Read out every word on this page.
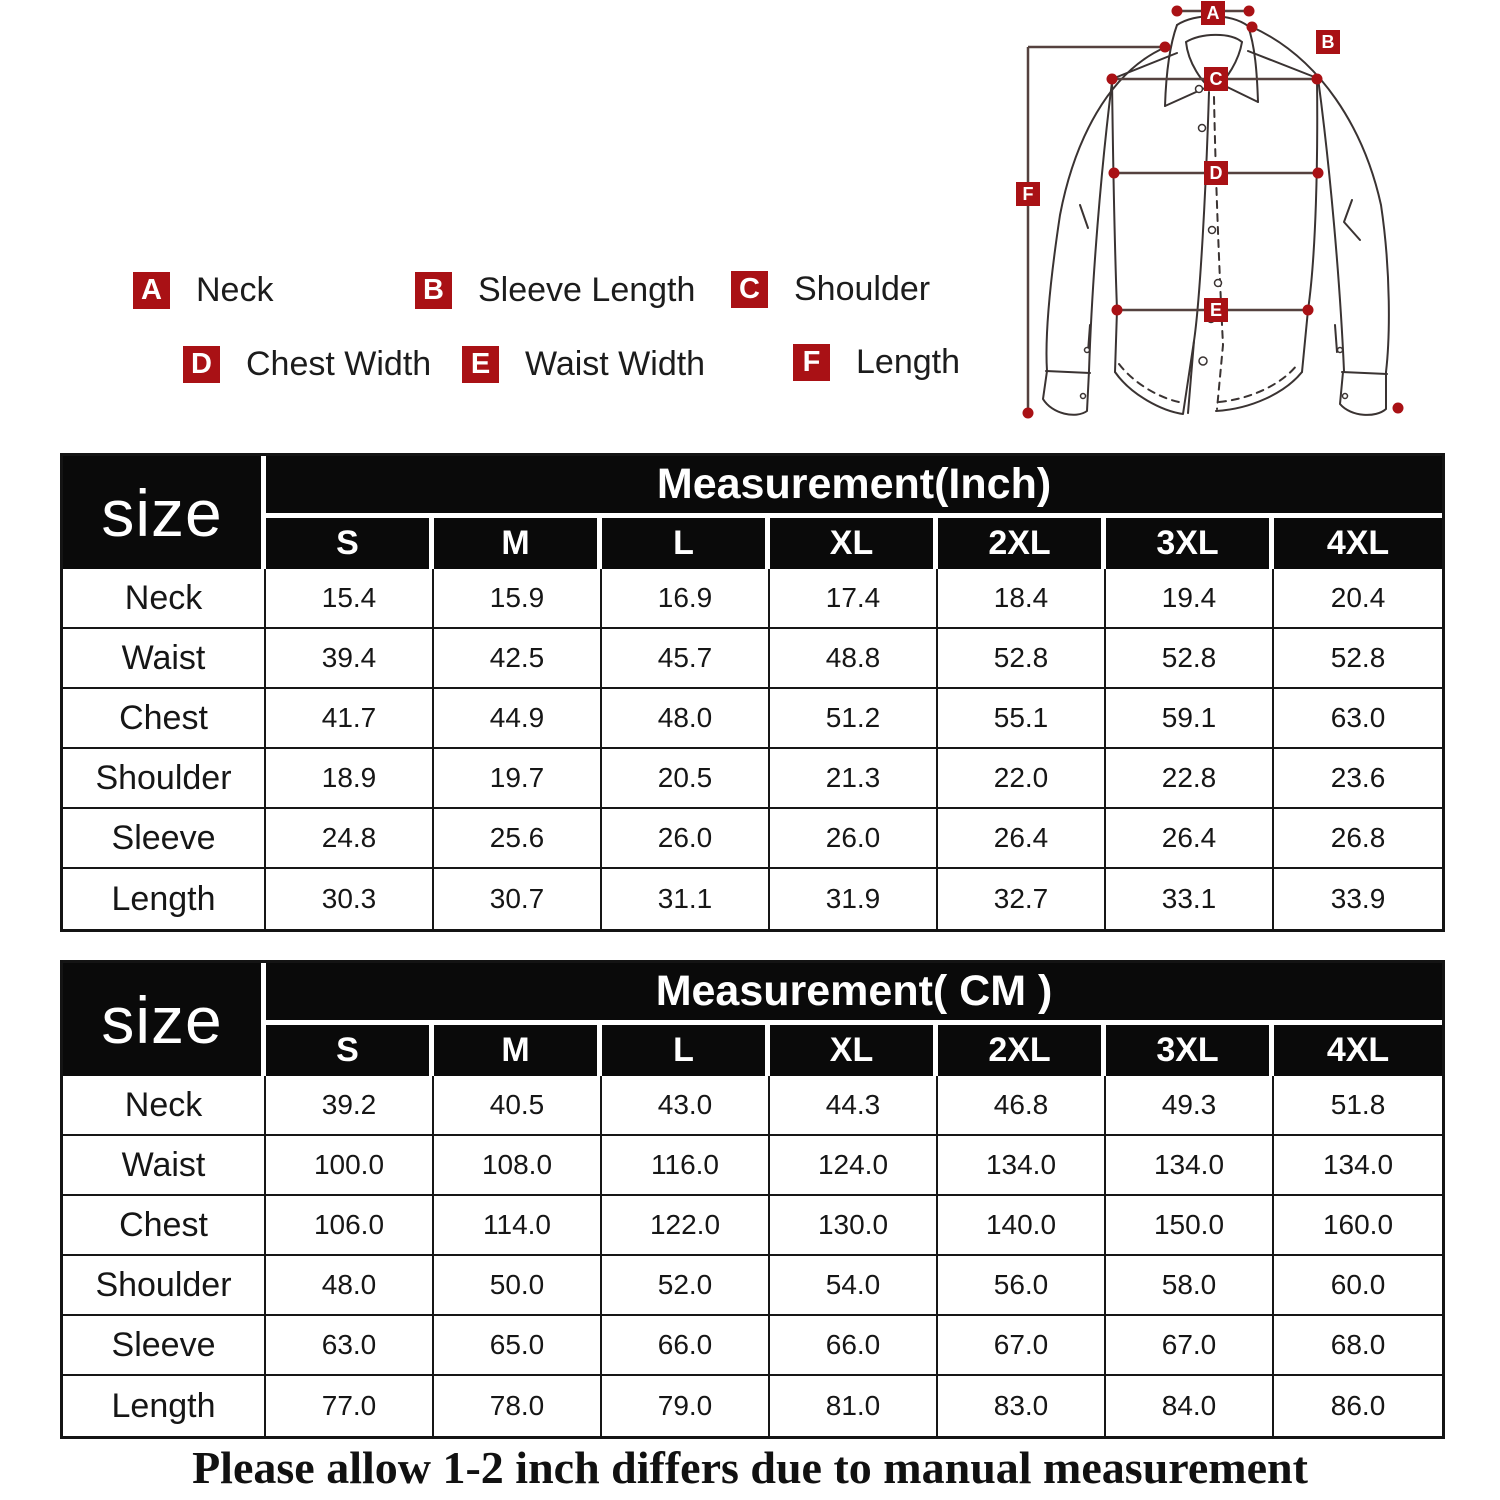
A
B
C
D
E
F
A Neck	B Sleeve Length C Shoulder
D Chest Width E Waist Width	F Length
size	Measurement(Inch)						
	S	M	L	XL	2XL	3XL	4XL
Neck	15.4	15.9	16.9	17.4	18.4	19.4	20.4
Waist	39.4	42.5	45.7	48.8	52.8	52.8	52.8
Chest	41.7	44.9	48.0	51.2	55.1	59.1	63.0
Shoulder	18.9	19.7	20.5	21.3	22.0	22.8	23.6
Sleeve	24.8	25.6	26.0	26.0	26.4	26.4	26.8
Length	30.3	30.7	31.1	31.9	32.7	33.1	33.9
size	Measurement( CM )						
	S	M	L	XL	2XL	3XL	4XL
Neck	39.2	40.5	43.0	44.3	46.8	49.3	51.8
Waist	100.0	108.0	116.0	124.0	134.0	134.0	134.0
Chest	106.0	114.0	122.0	130.0	140.0	150.0	160.0
Shoulder	48.0	50.0	52.0	54.0	56.0	58.0	60.0
Sleeve	63.0	65.0	66.0	66.0	67.0	67.0	68.0
Length	77.0	78.0	79.0	81.0	83.0	84.0	86.0
Please allow 1-2 inch differs due to manual measurement
